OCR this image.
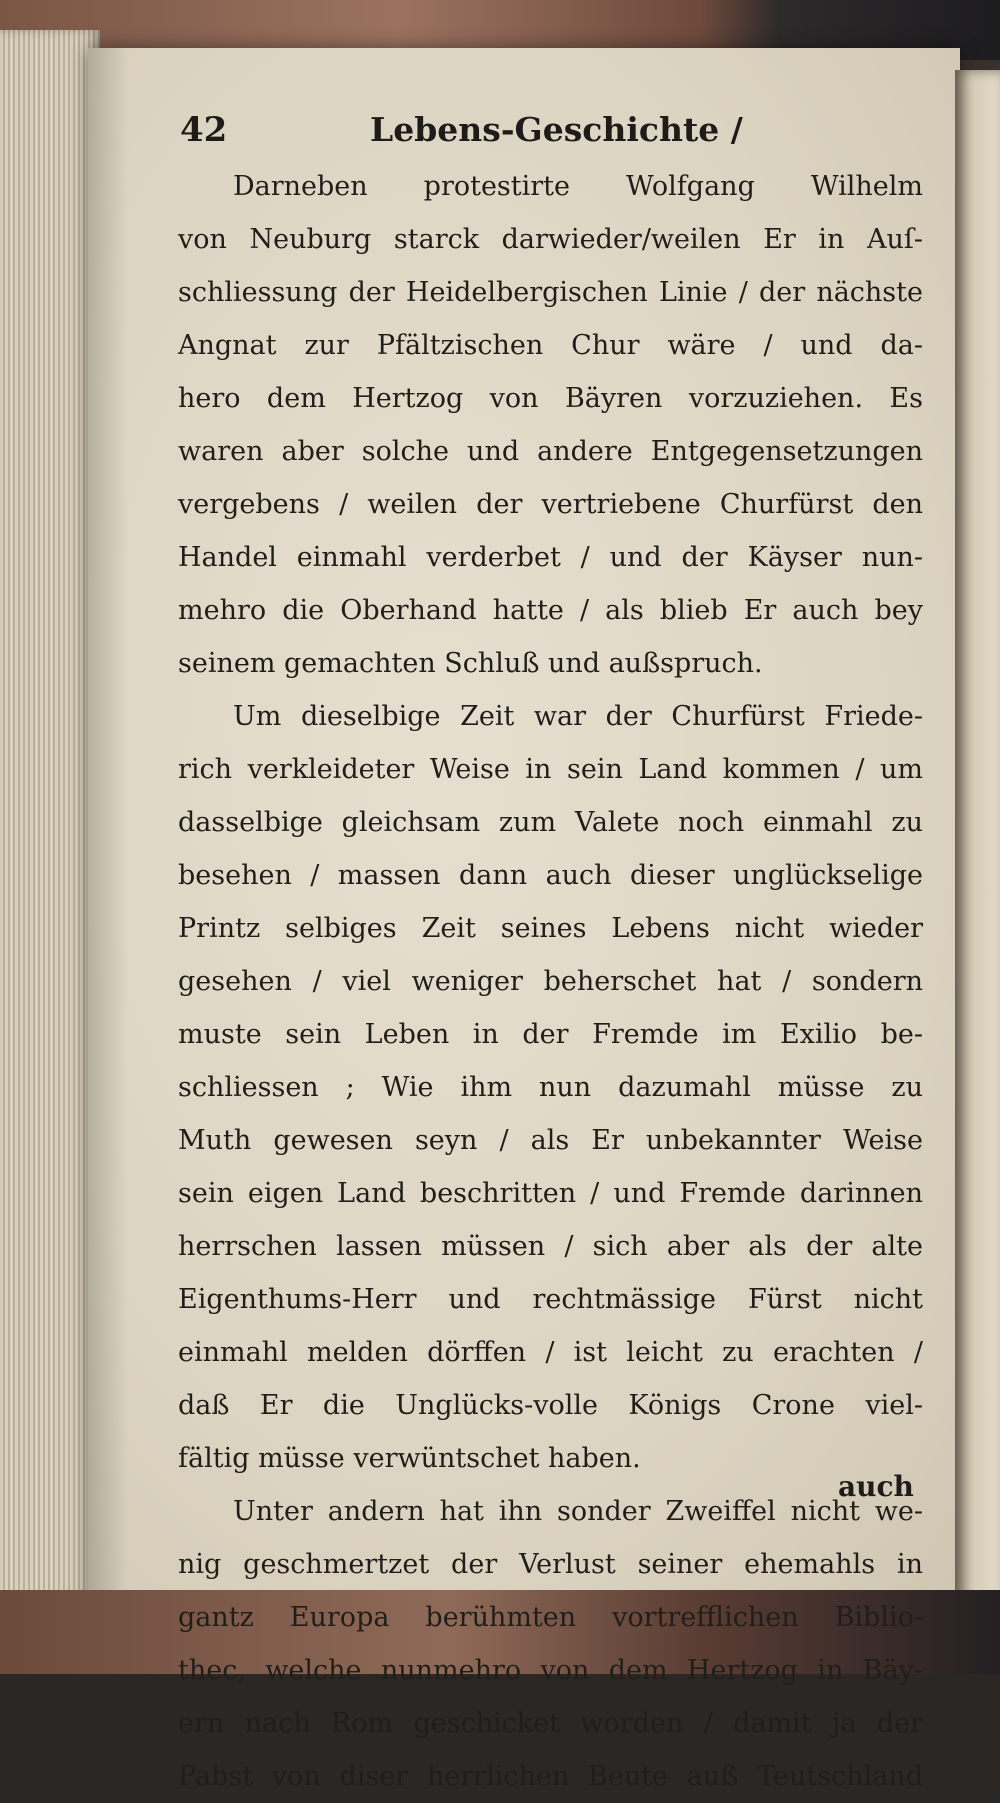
42	Lebens-Geschichte /
Darneben protestirte Wolfgang Wilhelm
von Neuburg starck darwieder/weilen Er in Auſ-
schliessung der Heidelbergischen Linie / der nächste
Angnat zur Pfältzischen Chur wäre / und da-
hero dem Hertzog von Bäyren vorzuziehen. Es
waren aber solche und andere Entgegensetzungen
vergebens / weilen der vertriebene Churfürst den
Handel einmahl verderbet / und der Käyser nun-
mehro die Oberhand hatte / als blieb Er auch bey
seinem gemachten Schluß und außspruch.
Um dieselbige Zeit war der Churfürst Friede-
rich verkleideter Weise in sein Land kommen / um
dasselbige gleichsam zum Valete noch einmahl zu
besehen / massen dann auch dieser unglückselige
Printz selbiges Zeit seines Lebens nicht wieder
gesehen / viel weniger beherschet hat / sondern
muste sein Leben in der Fremde im Exilio be-
schliessen ; Wie ihm nun dazumahl müsse zu
Muth gewesen seyn / als Er unbekannter Weise
sein eigen Land beschritten / und Fremde darinnen
herrschen lassen müssen / sich aber als der alte
Eigenthums-Herr und rechtmässige Fürst nicht
einmahl melden dörffen / ist leicht zu erachten /
daß Er die Unglücks-volle Königs Crone viel-
fältig müsse verwüntschet haben.
Unter andern hat ihn sonder Zweiffel nicht we-
nig geschmertzet der Verlust seiner ehemahls in
gantz Europa berühmten vortrefflichen Biblio-
thec, welche nunmehro von dem Hertzog in Bäy-
ern nach Rom geschicket worden / damit ja der
Pabst von diser herrlichen Beute auß Teutschland
auch
